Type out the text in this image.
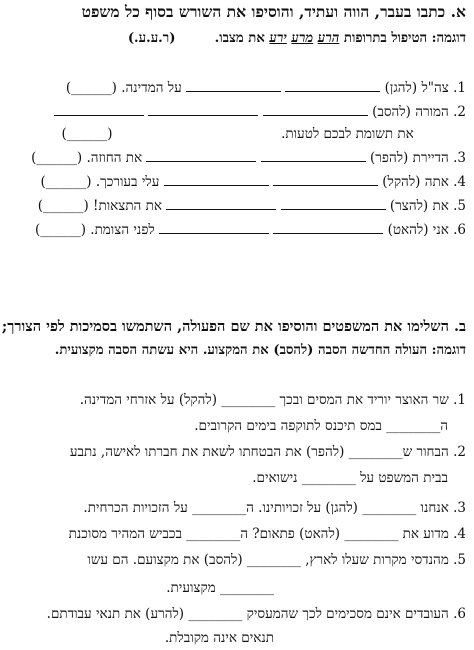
א. כתבו בעבר, הווה ועתיד, והוסיפו את השורש בסוף כל משפט
דוגמה: הטיפול בתרופות הרע מרע ירע את מצבו.  (ר.ע.ע.)
1. צה"ל (להגן)   על המדינה. (______)
2. המורה (להסב)
את תשומת לבכם לטעות.  (______)
3. הדיירת (להפר)   את החוזה. (______)
4. אתה (להקל)   עלי בעורכך. (______)
5. את (להצר)   את התצאות! (______)
6. אני (להאט)   לפני הצומת. (______)
ב. השלימו את המשפטים והוסיפו את שם הפעולה, השתמשו בסמיכות לפי הצורך;
דוגמה: העולה החדשה הסבה (להסב) את המקצוע. היא עשתה הסבה מקצועית.
1. שר האוצר יוריד את המסים ובכך ________ (להקל) על אזרחי המדינה.
ה________ במס תיכנס לתוקפה בימים הקרובים.
2. הבחור ש________ (להפר) את הבטחתו לשאת את חברתו לאישה, נתבע
בבית המשפט על ________ נישואים.
3. אנחנו ________ (להגן) על זכויותינו. ה________ על הזכויות הכרחית.
4. מדוע את ________ (להאט) פתאום? ה________ בכביש המהיר מסוכנת
5. מהנדסי מקרות שעלו לארץ, ________ (להסב) את מקצועם. הם עשו
________ מקצועית.
6. העובדים אינם מסכימים לכך שהמעסיק ________ (להרע) את תנאי עבודתם.
תנאים אינה מקובלת.
